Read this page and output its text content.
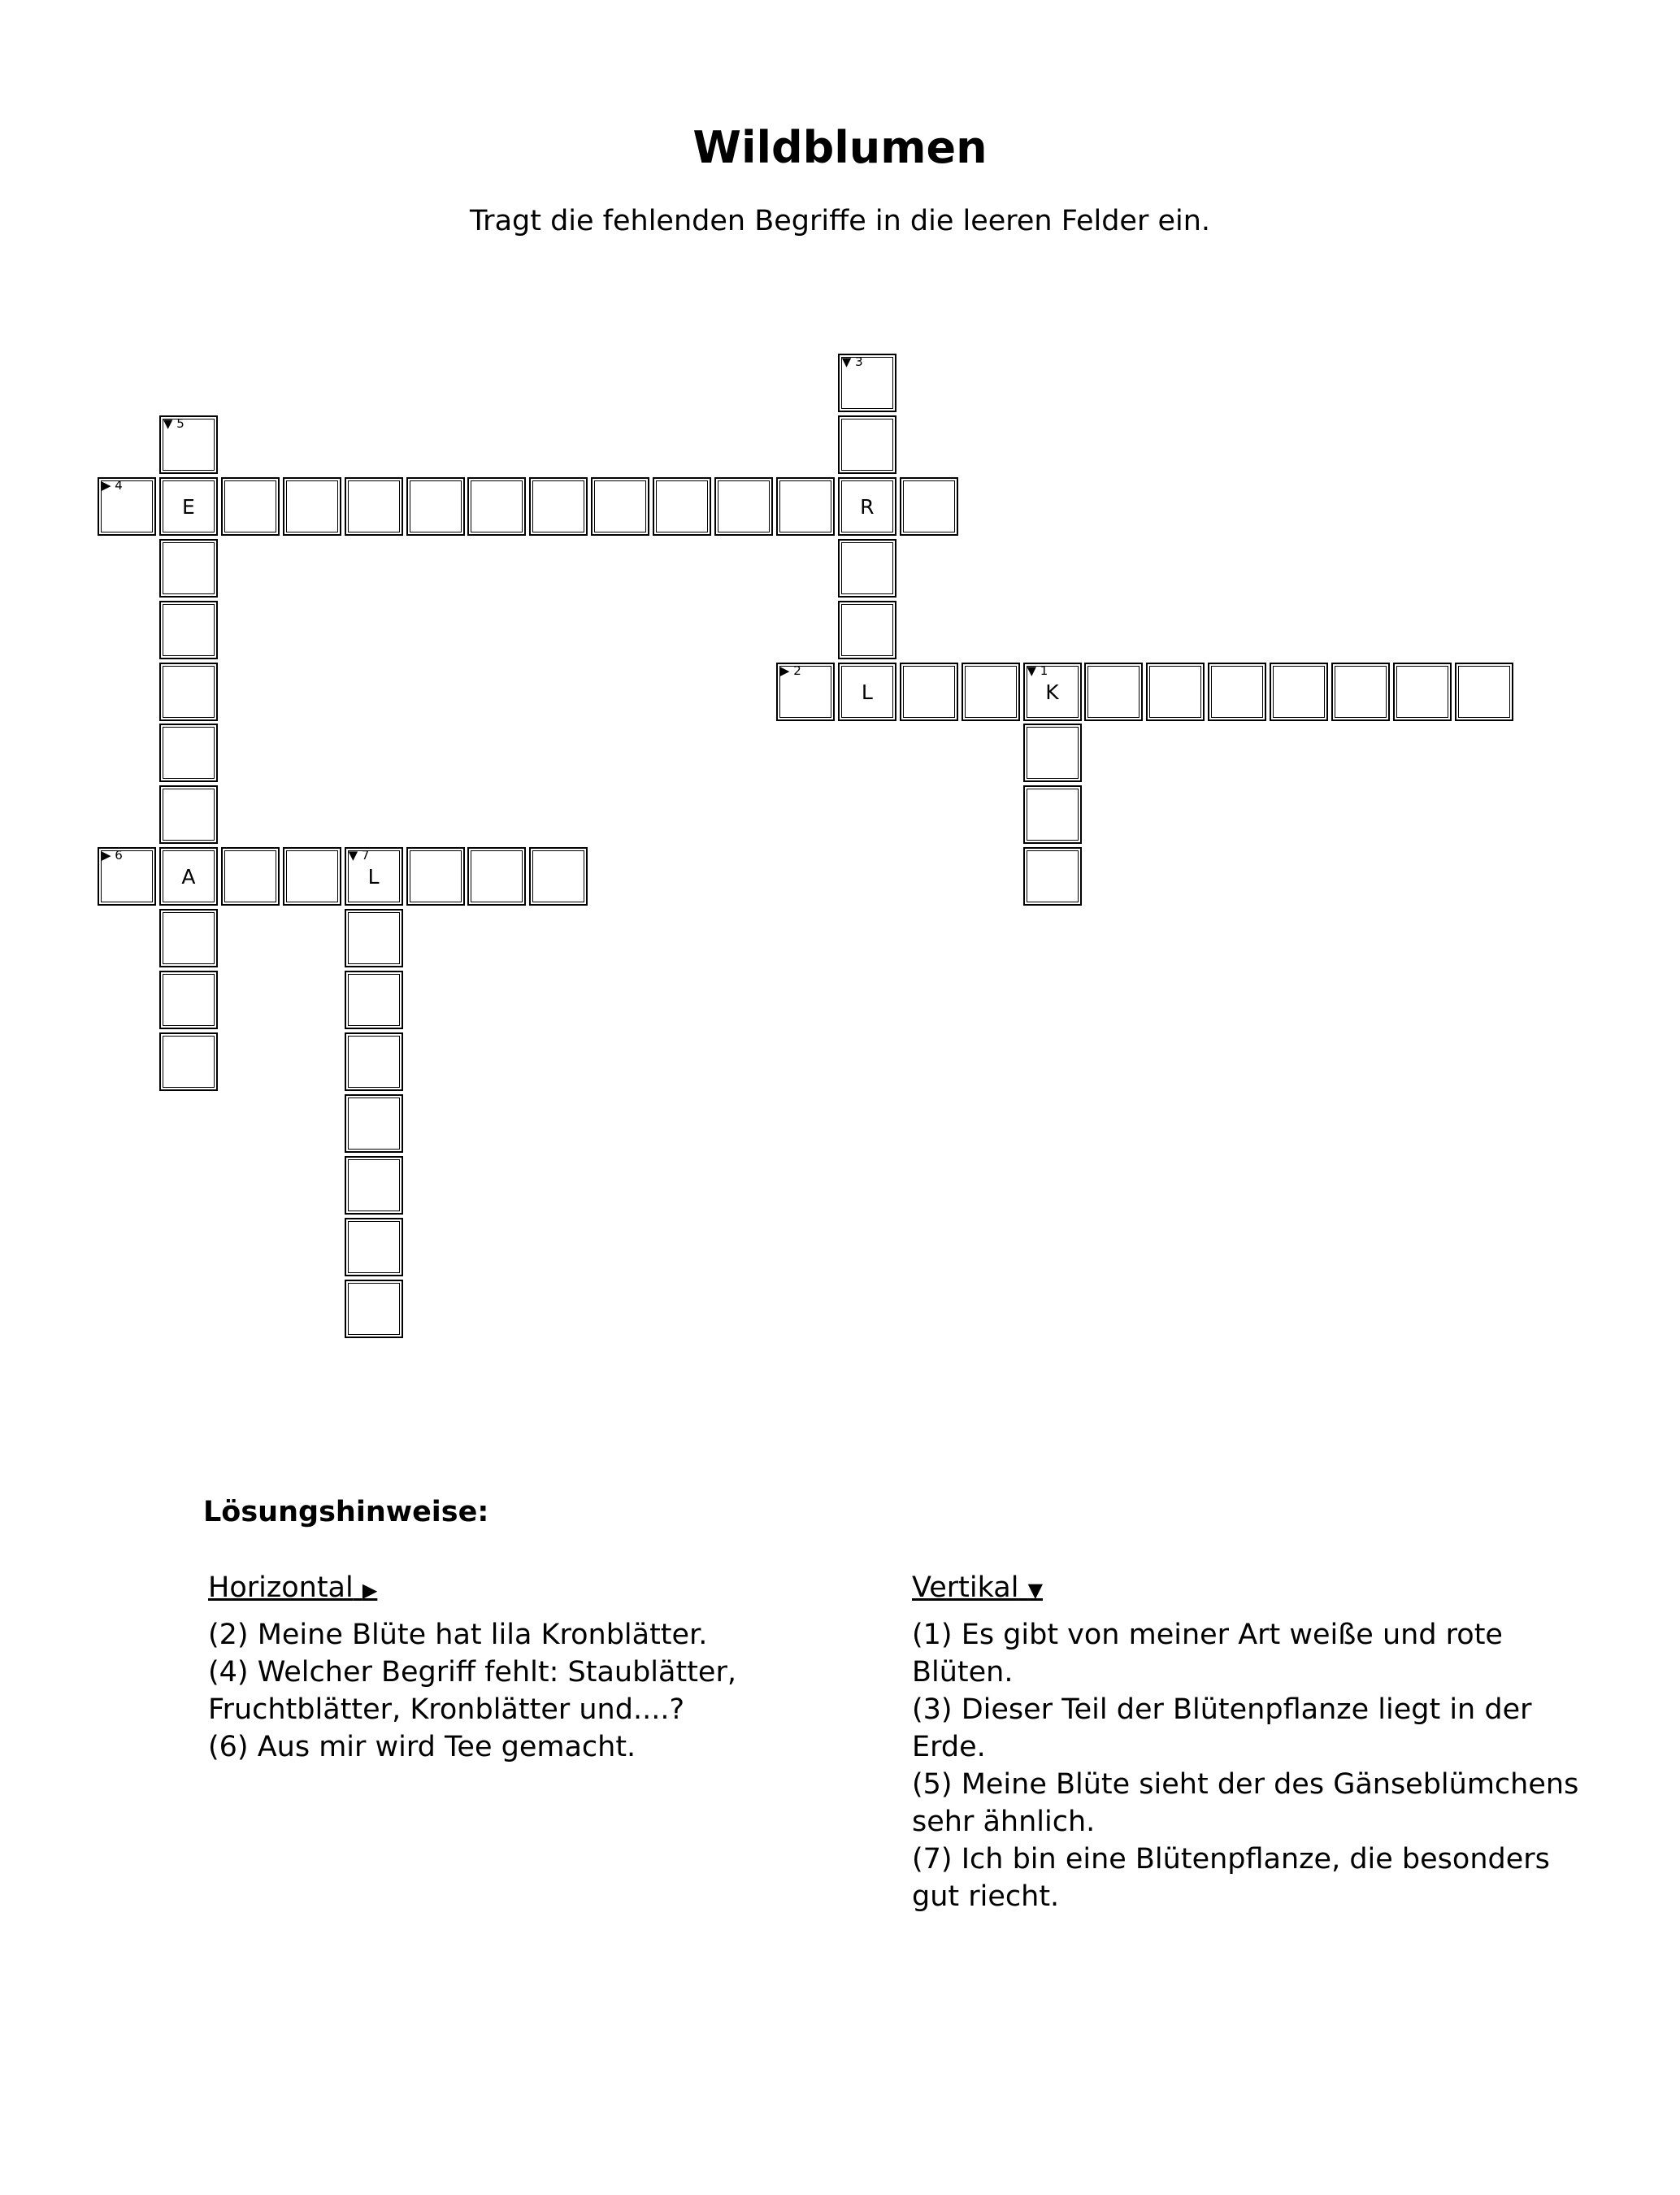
Wildblumen

Tragt die fehlenden Begriffe in die leeren Felder ein.

▼ 1
K
▶ 2
L
▼ 3
R
▶ 4
E
▼ 5
A
▶ 6	▼ 7
L

Lösungshinweise:

Horizontal ▶

(2) Meine Blüte hat lila Kronblätter.

(4) Welcher Begriff fehlt: Staublätter, Fruchtblätter, Kronblätter und....?

(6) Aus mir wird Tee gemacht.

Vertikal ▼

(1) Es gibt von meiner Art weiße und rote Blüten.

(3) Dieser Teil der Blütenpflanze liegt in der Erde.

(5) Meine Blüte sieht der des Gänseblümchens sehr ähnlich.

(7) Ich bin eine Blütenpflanze, die besonders gut riecht.
